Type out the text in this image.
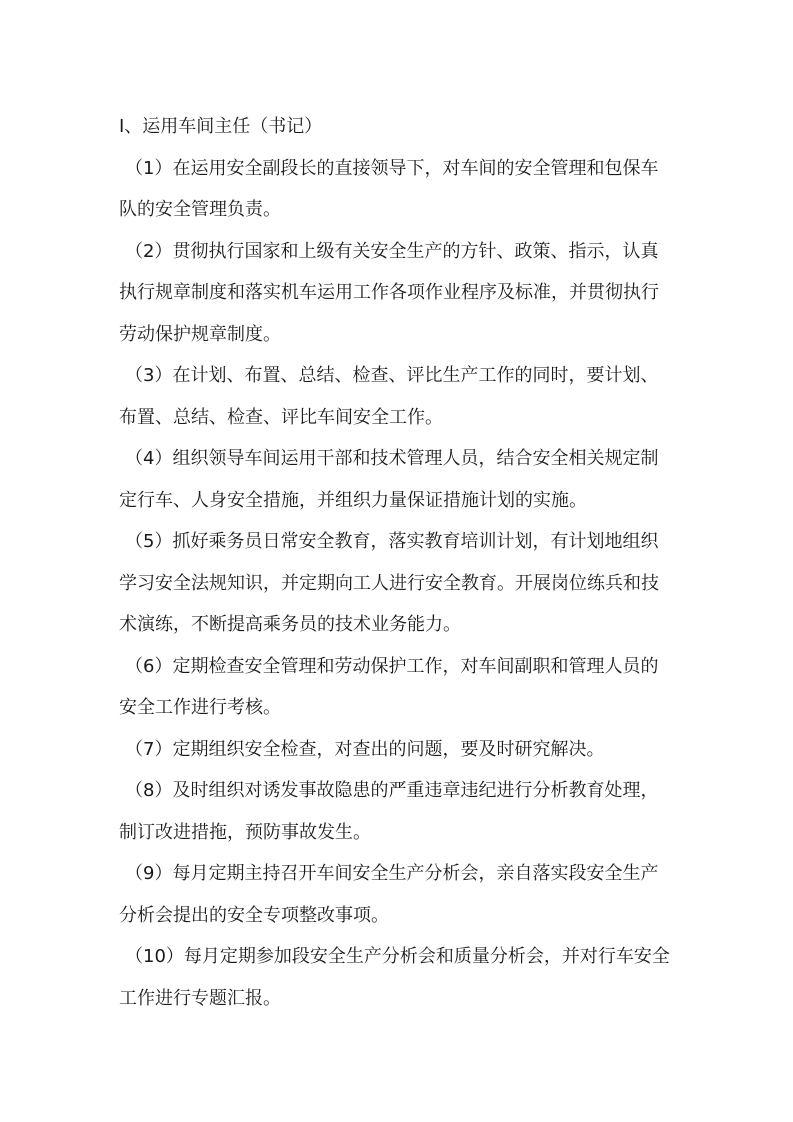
I、运用车间主任（书记）

（1）在运用安全副段长的直接领导下，对车间的安全管理和包保车
队的安全管理负责。
（2）贯彻执行国家和上级有关安全生产的方针、政策、指示，认真
执行规章制度和落实机车运用工作各项作业程序及标准，并贯彻执行
劳动保护规章制度。
（3）在计划、布置、总结、检查、评比生产工作的同时，要计划、
布置、总结、检查、评比车间安全工作。
（4）组织领导车间运用干部和技术管理人员，结合安全相关规定制
定行车、人身安全措施，并组织力量保证措施计划的实施。
（5）抓好乘务员日常安全教育，落实教育培训计划，有计划地组织
学习安全法规知识，并定期向工人进行安全教育。开展岗位练兵和技
术演练，不断提高乘务员的技术业务能力。
（6）定期检查安全管理和劳动保护工作，对车间副职和管理人员的
安全工作进行考核。
（7）定期组织安全检查，对查出的问题，要及时研究解决。
（8）及时组织对诱发事故隐患的严重违章违纪进行分析教育处理，
制订改进措拖，预防事故发生。
（9）每月定期主持召开车间安全生产分析会，亲自落实段安全生产
分析会提出的安全专项整改事项。
（10）每月定期参加段安全生产分析会和质量分析会，并对行车安全
工作进行专题汇报。
